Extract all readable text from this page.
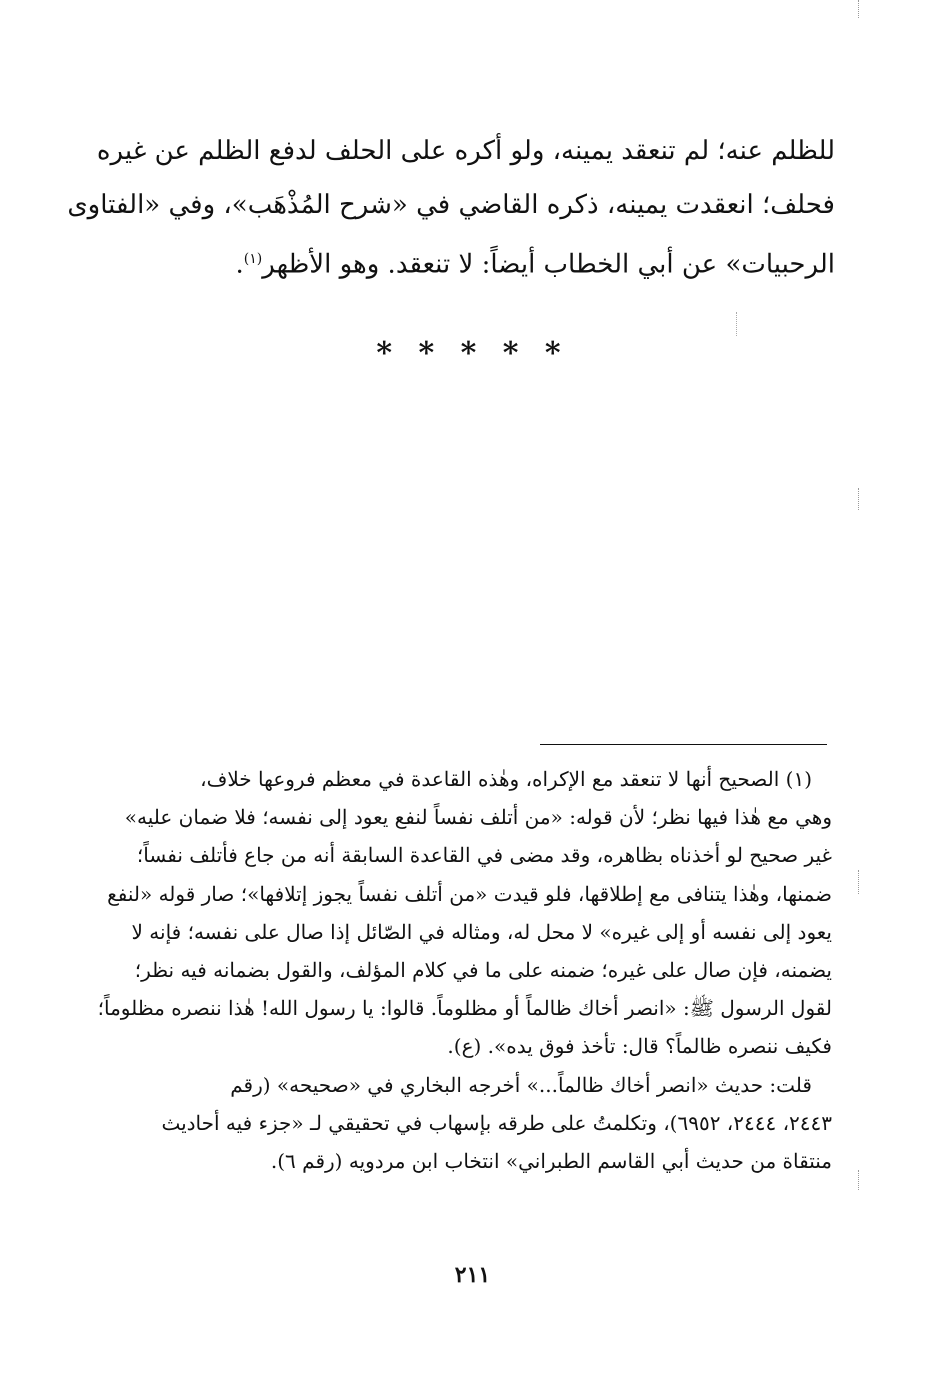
للظلم عنه؛ لم تنعقد يمينه، ولو أكره على الحلف لدفع الظلم عن غيره
فحلف؛ انعقدت يمينه، ذكره القاضي في «شرح المُذْهَب»، وفي «الفتاوى
الرحبيات» عن أبي الخطاب أيضاً: لا تنعقد. وهو الأظهر$^{(١)}$.
* * * * *
(١) الصحيح أنها لا تنعقد مع الإكراه، وهٰذه القاعدة في معظم فروعها خلاف،
وهي مع هٰذا فيها نظر؛ لأن قوله: «من أتلف نفساً لنفع يعود إلى نفسه؛ فلا ضمان عليه»
غير صحيح لو أخذناه بظاهره، وقد مضى في القاعدة السابقة أنه من جاع فأتلف نفساً؛
ضمنها، وهٰذا يتنافى مع إطلاقها، فلو قيدت «من أتلف نفساً يجوز إتلافها»؛ صار قوله «لنفع
يعود إلى نفسه أو إلى غيره» لا محل له، ومثاله في الصّائل إذا صال على نفسه؛ فإنه لا
يضمنه، فإن صال على غيره؛ ضمنه على ما في كلام المؤلف، والقول بضمانه فيه نظر؛
لقول الرسول ﷺ: «انصر أخاك ظالماً أو مظلوماً. قالوا: يا رسول الله! هٰذا ننصره مظلوماً؛
فكيف ننصره ظالماً؟ قال: تأخذ فوق يده». (ع).
قلت: حديث «انصر أخاك ظالماً...» أخرجه البخاري في «صحيحه» (رقم
٢٤٤٣، ٢٤٤٤، ٦٩٥٢)، وتكلمتُ على طرقه بإسهاب في تحقيقي لـ «جزء فيه أحاديث
منتقاة من حديث أبي القاسم الطبراني» انتخاب ابن مردويه (رقم ٦).
٢١١
